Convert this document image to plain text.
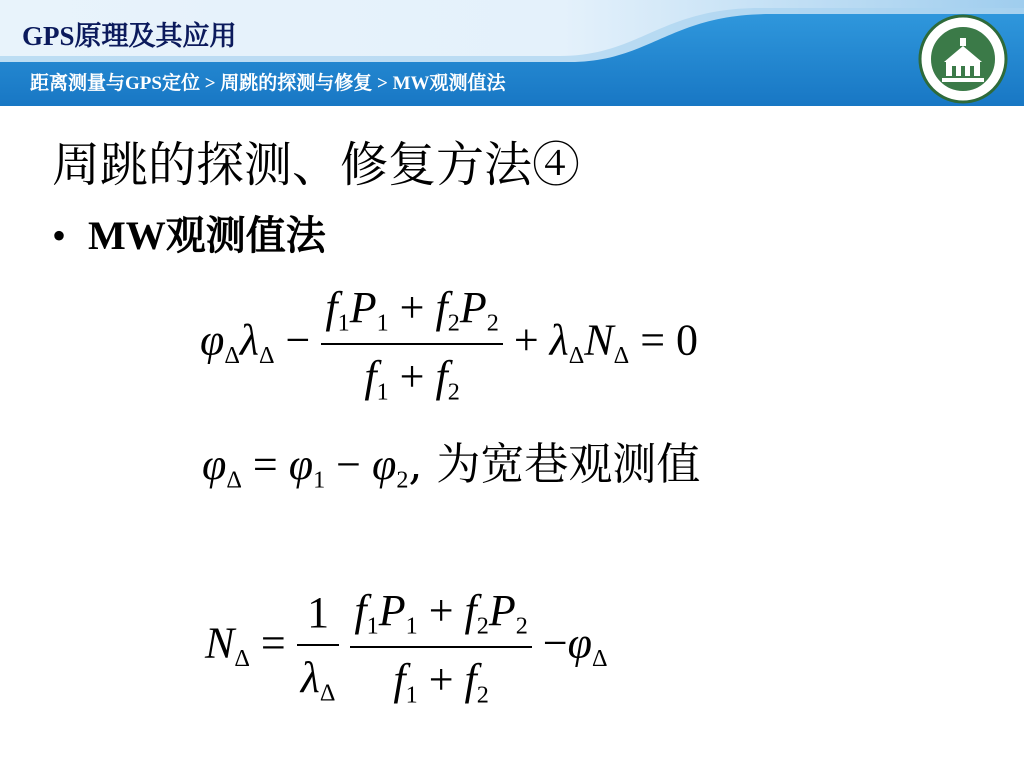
GPS原理及其应用
距离测量与GPS定位 > 周跳的探测与修复 > MW观测值法
周跳的探测、修复方法④
• MW观测值法
$\varphi_\Delta\lambda_\Delta - \frac{f_1P_1 + f_2P_2}{f_1 + f_2} + \lambda_\Delta N_\Delta = 0$
$\varphi_\Delta = \varphi_1 - \varphi_2$, 为宽巷观测值
$N_\Delta = \frac{1}{\lambda_\Delta}$
$\frac{f_1P_1 + f_2P_2}{f_1 + f_2} -\varphi_\Delta$
